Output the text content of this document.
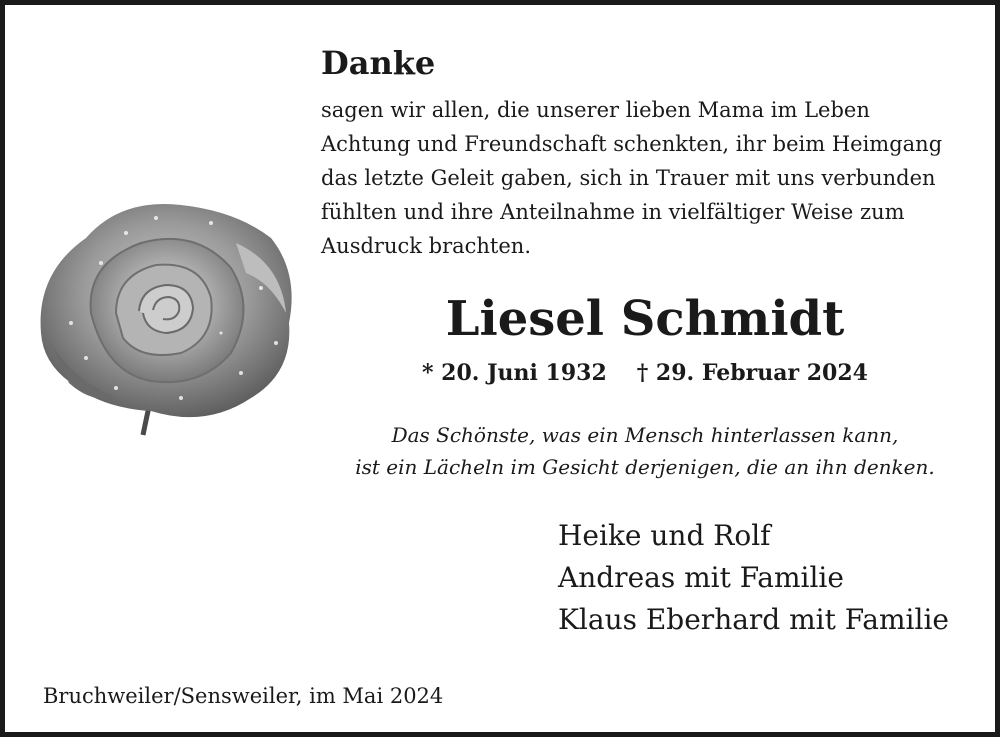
Danke
sagen wir allen, die unserer lieben Mama im Leben
Achtung und Freundschaft schenkten, ihr beim Heimgang
das letzte Geleit gaben, sich in Trauer mit uns verbunden
fühlten und ihre Anteilnahme in vielfältiger Weise zum
Ausdruck brachten.
Liesel Schmidt
* 20. Juni 1932 † 29. Februar 2024
Das Schönste, was ein Mensch hinterlassen kann,
ist ein Lächeln im Gesicht derjenigen, die an ihn denken.
Heike und Rolf
Andreas mit Familie
Klaus Eberhard mit Familie
Bruchweiler/Sensweiler, im Mai 2024
